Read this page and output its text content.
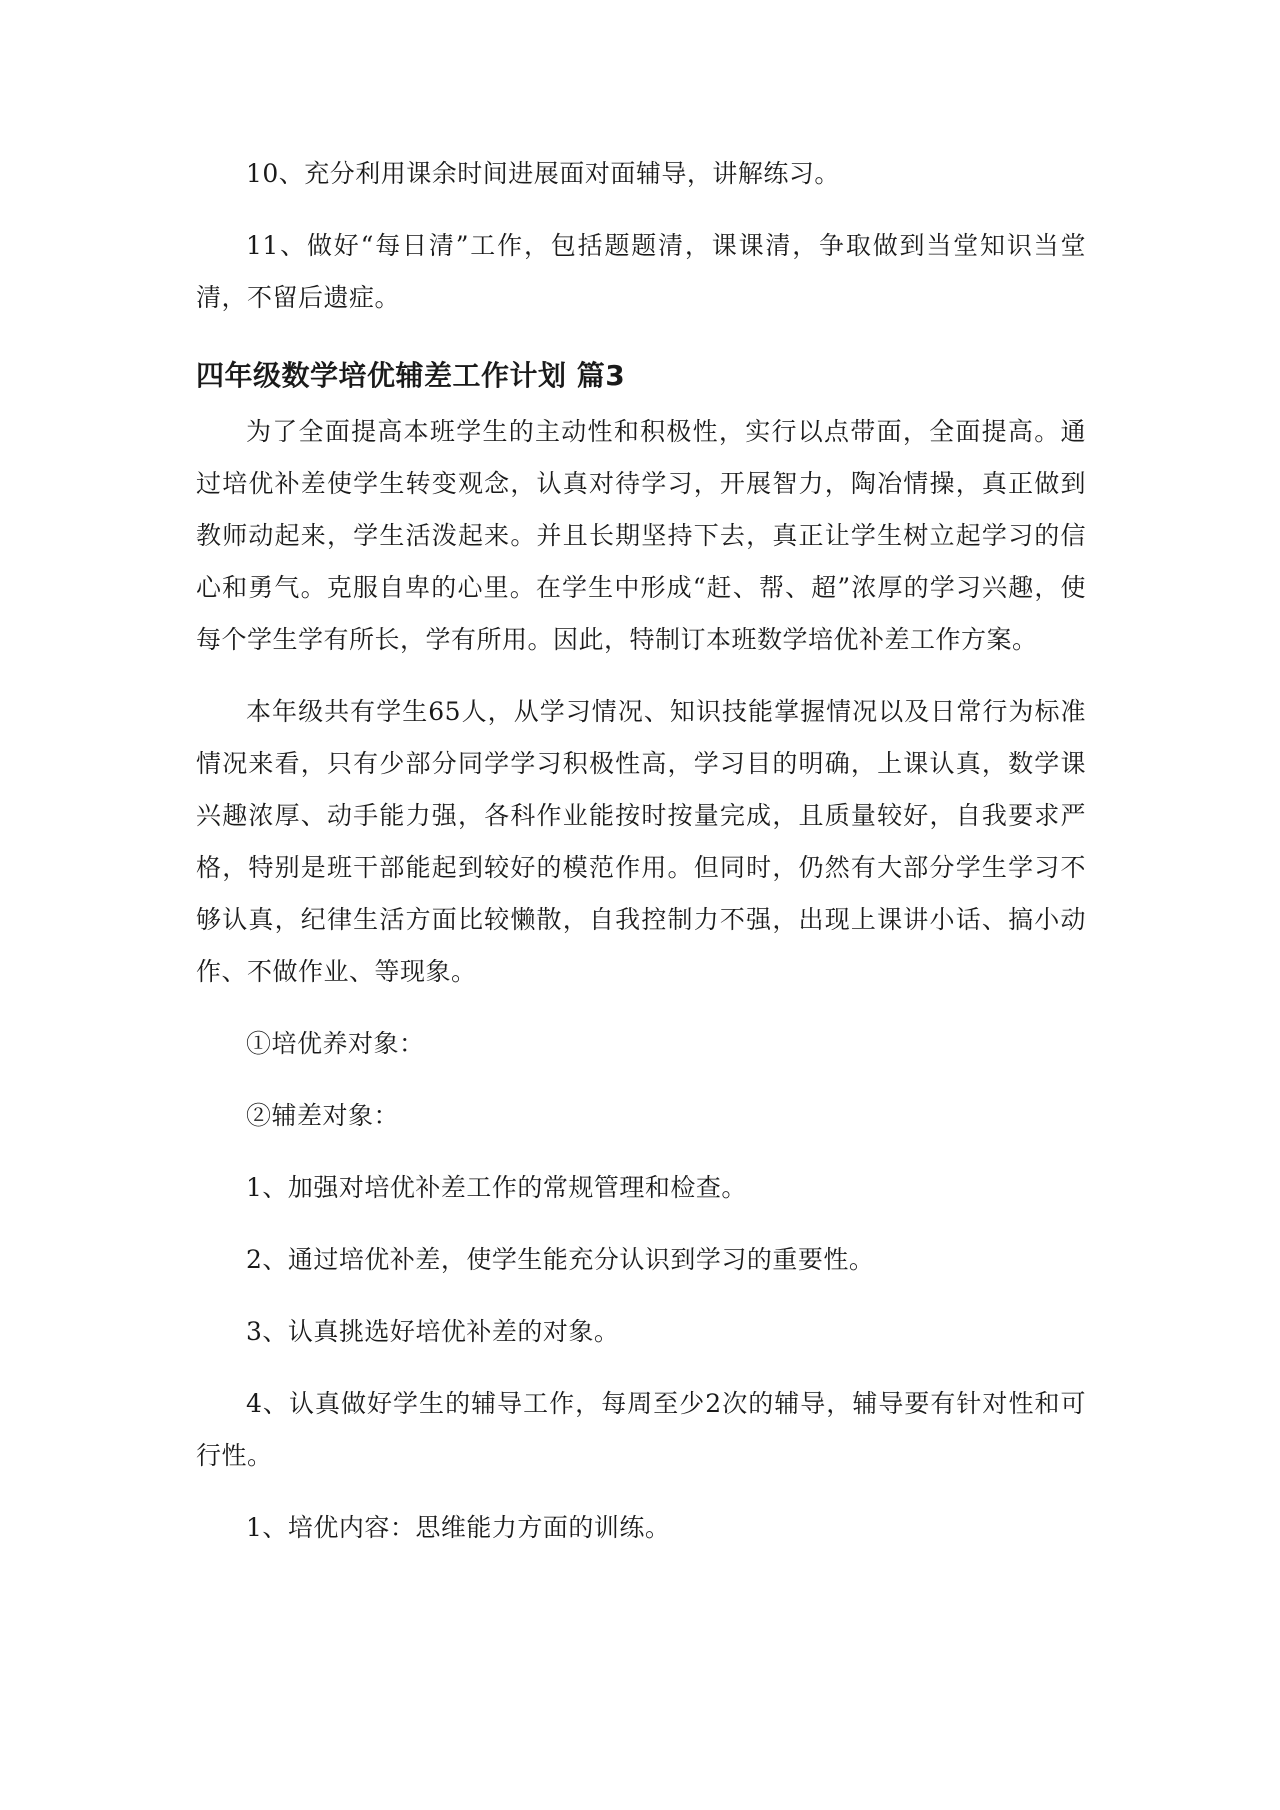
10、充分利用课余时间进展面对面辅导，讲解练习。

11、做好“每日清”工作，包括题题清，课课清，争取做到当堂知识当堂清，不留后遗症。

四年级数学培优辅差工作计划 篇3

为了全面提高本班学生的主动性和积极性，实行以点带面，全面提高。通过培优补差使学生转变观念，认真对待学习，开展智力，陶冶情操，真正做到教师动起来，学生活泼起来。并且长期坚持下去，真正让学生树立起学习的信心和勇气。克服自卑的心里。在学生中形成“赶、帮、超”浓厚的学习兴趣，使每个学生学有所长，学有所用。因此，特制订本班数学培优补差工作方案。

本年级共有学生65人，从学习情况、知识技能掌握情况以及日常行为标准情况来看，只有少部分同学学习积极性高，学习目的明确，上课认真，数学课兴趣浓厚、动手能力强，各科作业能按时按量完成，且质量较好，自我要求严格，特别是班干部能起到较好的模范作用。但同时，仍然有大部分学生学习不够认真，纪律生活方面比较懒散，自我控制力不强，出现上课讲小话、搞小动作、不做作业、等现象。

①培优养对象：

②辅差对象：

1、加强对培优补差工作的常规管理和检查。

2、通过培优补差，使学生能充分认识到学习的重要性。

3、认真挑选好培优补差的对象。

4、认真做好学生的辅导工作，每周至少2次的辅导，辅导要有针对性和可行性。

1、培优内容：思维能力方面的训练。
